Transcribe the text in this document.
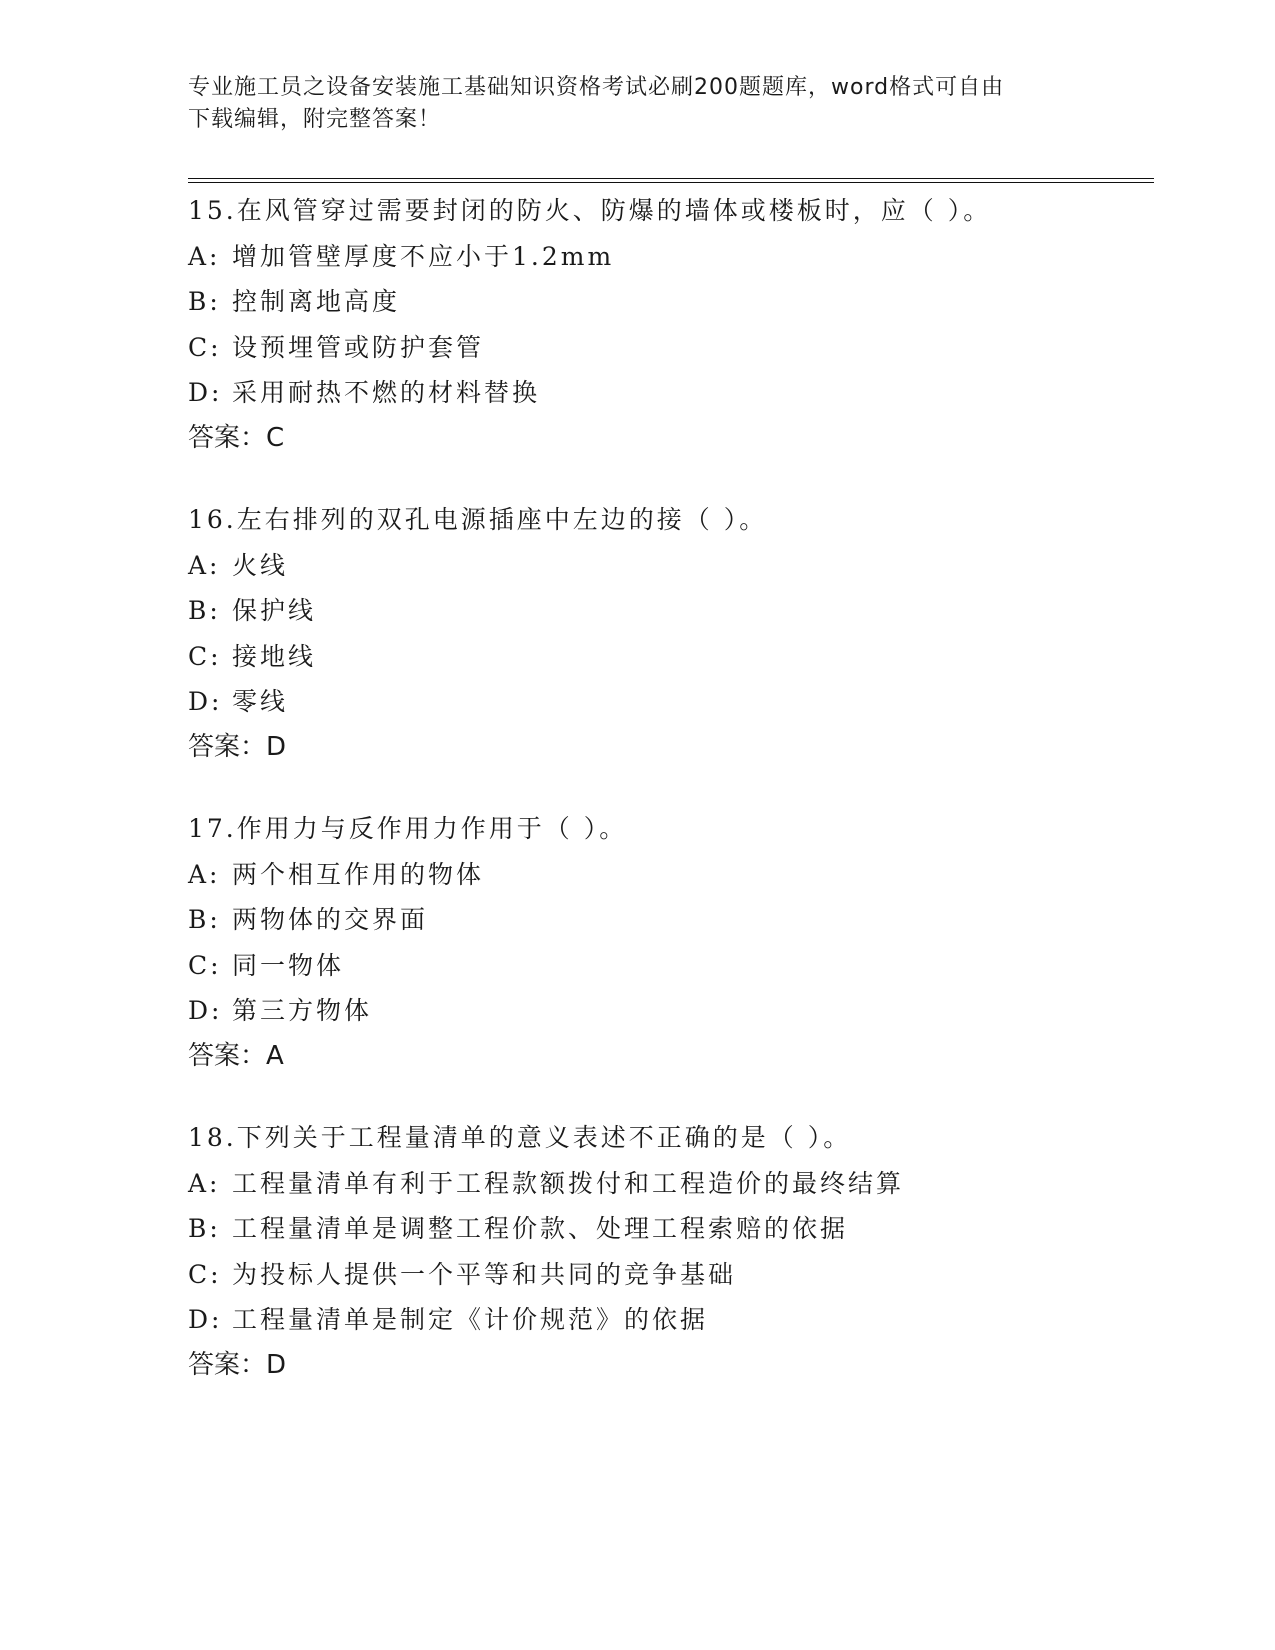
专业施工员之设备安装施工基础知识资格考试必刷200题题库，word格式可自由
下载编辑，附完整答案！
15.在风管穿过需要封闭的防火、防爆的墙体或楼板时，应（ ）。
A: 增加管壁厚度不应小于1.2mm
B: 控制离地高度
C: 设预埋管或防护套管
D: 采用耐热不燃的材料替换
答案：C
16.左右排列的双孔电源插座中左边的接（ ）。
A: 火线
B: 保护线
C: 接地线
D: 零线
答案：D
17.作用力与反作用力作用于（ ）。
A: 两个相互作用的物体
B: 两物体的交界面
C: 同一物体
D: 第三方物体
答案：A
18.下列关于工程量清单的意义表述不正确的是（ ）。
A: 工程量清单有利于工程款额拨付和工程造价的最终结算
B: 工程量清单是调整工程价款、处理工程索赔的依据
C: 为投标人提供一个平等和共同的竞争基础
D: 工程量清单是制定《计价规范》的依据
答案：D
